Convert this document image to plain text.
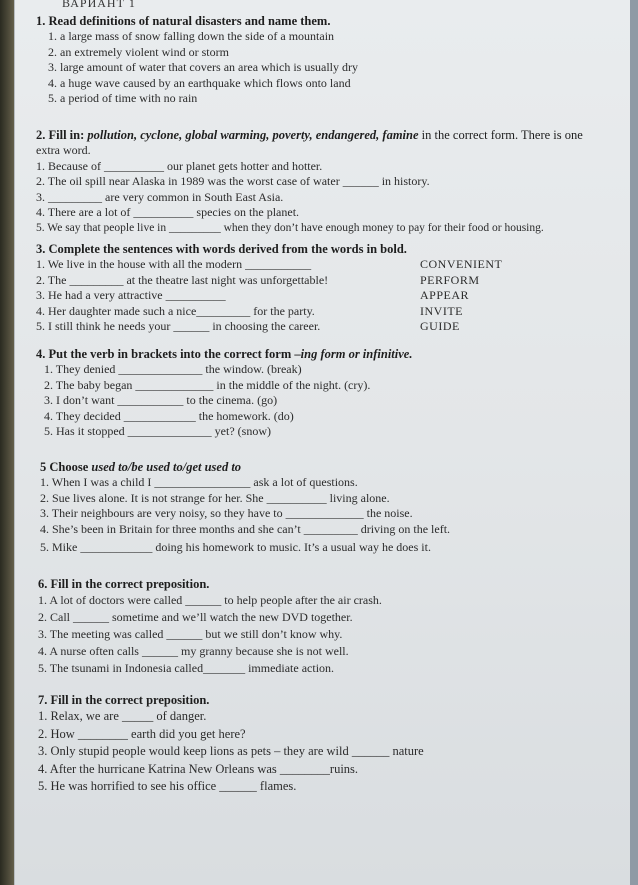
ВАРИАНТ 1
1. Read definitions of natural disasters and name them.
1. a large mass of snow falling down the side of a mountain
2. an extremely violent wind or storm
3. large amount of water that covers an area which is usually dry
4. a huge wave caused by an earthquake which flows onto land
5. a period of time with no rain
2. Fill in: pollution, cyclone, global warming, poverty, endangered, famine in the correct form. There is one
extra word.
1. Because of __________ our planet gets hotter and hotter.
2. The oil spill near Alaska in 1989 was the worst case of water ______ in history.
3. _________ are very common in South East Asia.
4. There are a lot of __________ species on the planet.
5. We say that people live in _________ when they don’t have enough money to pay for their food or housing.
3. Complete the sentences with words derived from the words in bold.
1. We live in the house with all the modern ___________	CONVENIENT
2. The _________ at the theatre last night was unforgettable!	PERFORM
3. He had a very attractive __________	APPEAR
4. Her daughter made such a nice_________ for the party.	INVITE
5. I still think he needs your ______ in choosing the career.	GUIDE
4. Put the verb in brackets into the correct form –ing form or infinitive.
1. They denied ______________ the window. (break)
2. The baby began _____________ in the middle of the night. (cry).
3. I don’t want ___________ to the cinema. (go)
4. They decided ____________ the homework. (do)
5. Has it stopped ______________ yet? (snow)
5 Choose used to/be used to/get used to
1. When I was a child I ________________ ask a lot of questions.
2. Sue lives alone. It is not strange for her. She __________ living alone.
3. Their neighbours are very noisy, so they have to _____________ the noise.
4. She’s been in Britain for three months and she can’t _________ driving on the left.
5. Mike ____________ doing his homework to music. It’s a usual way he does it.
6. Fill in the correct preposition.
1. A lot of doctors were called ______ to help people after the air crash.
2. Call ______ sometime and we’ll watch the new DVD together.
3. The meeting was called ______ but we still don’t know why.
4. A nurse often calls ______ my granny because she is not well.
5. The tsunami in Indonesia called_______ immediate action.
7. Fill in the correct preposition.
1. Relax, we are _____ of danger.
2. How ________ earth did you get here?
3. Only stupid people would keep lions as pets – they are wild ______ nature
4. After the hurricane Katrina New Orleans was ________ruins.
5. He was horrified to see his office ______ flames.
